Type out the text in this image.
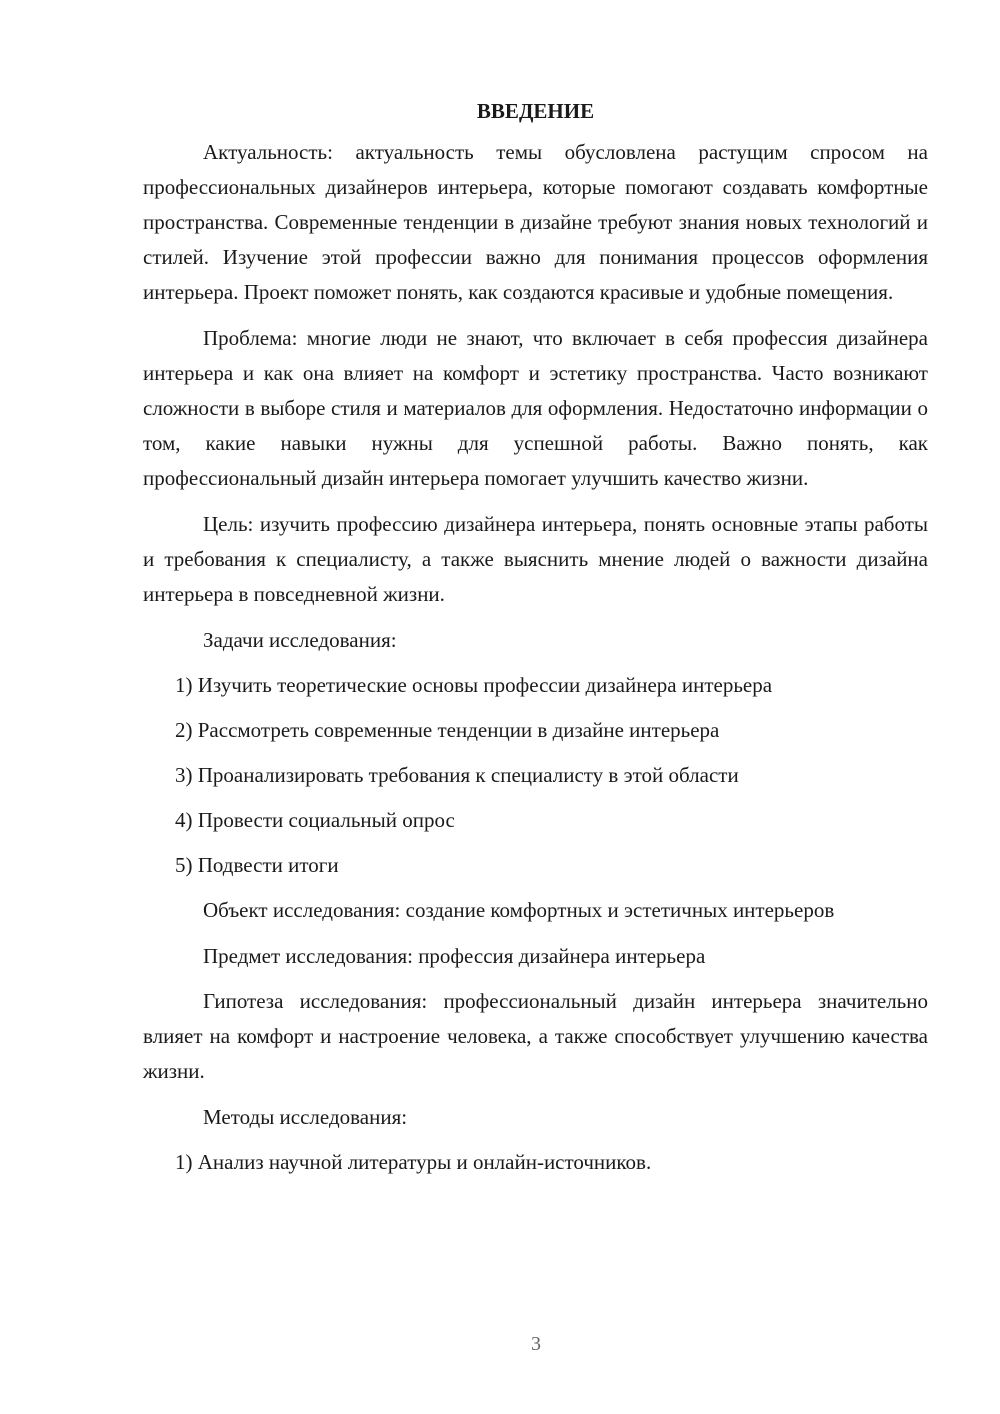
ВВЕДЕНИЕ

Актуальность: актуальность темы обусловлена растущим спросом на профессиональных дизайнеров интерьера, которые помогают создавать комфортные пространства. Современные тенденции в дизайне требуют знания новых технологий и стилей. Изучение этой профессии важно для понимания процессов оформления интерьера. Проект поможет понять, как создаются красивые и удобные помещения.

Проблема: многие люди не знают, что включает в себя профессия дизайнера интерьера и как она влияет на комфорт и эстетику пространства. Часто возникают сложности в выборе стиля и материалов для оформления. Недостаточно информации о том, какие навыки нужны для успешной работы. Важно понять, как профессиональный дизайн интерьера помогает улучшить качество жизни.

Цель: изучить профессию дизайнера интерьера, понять основные этапы работы и требования к специалисту, а также выяснить мнение людей о важности дизайна интерьера в повседневной жизни.

Задачи исследования:

1) Изучить теоретические основы профессии дизайнера интерьера

2) Рассмотреть современные тенденции в дизайне интерьера

3) Проанализировать требования к специалисту в этой области

4) Провести социальный опрос

5) Подвести итоги

Объект исследования: создание комфортных и эстетичных интерьеров

Предмет исследования: профессия дизайнера интерьера

Гипотеза исследования: профессиональный дизайн интерьера значительно влияет на комфорт и настроение человека, а также способствует улучшению качества жизни.

Методы исследования:

1) Анализ научной литературы и онлайн-источников.

3
